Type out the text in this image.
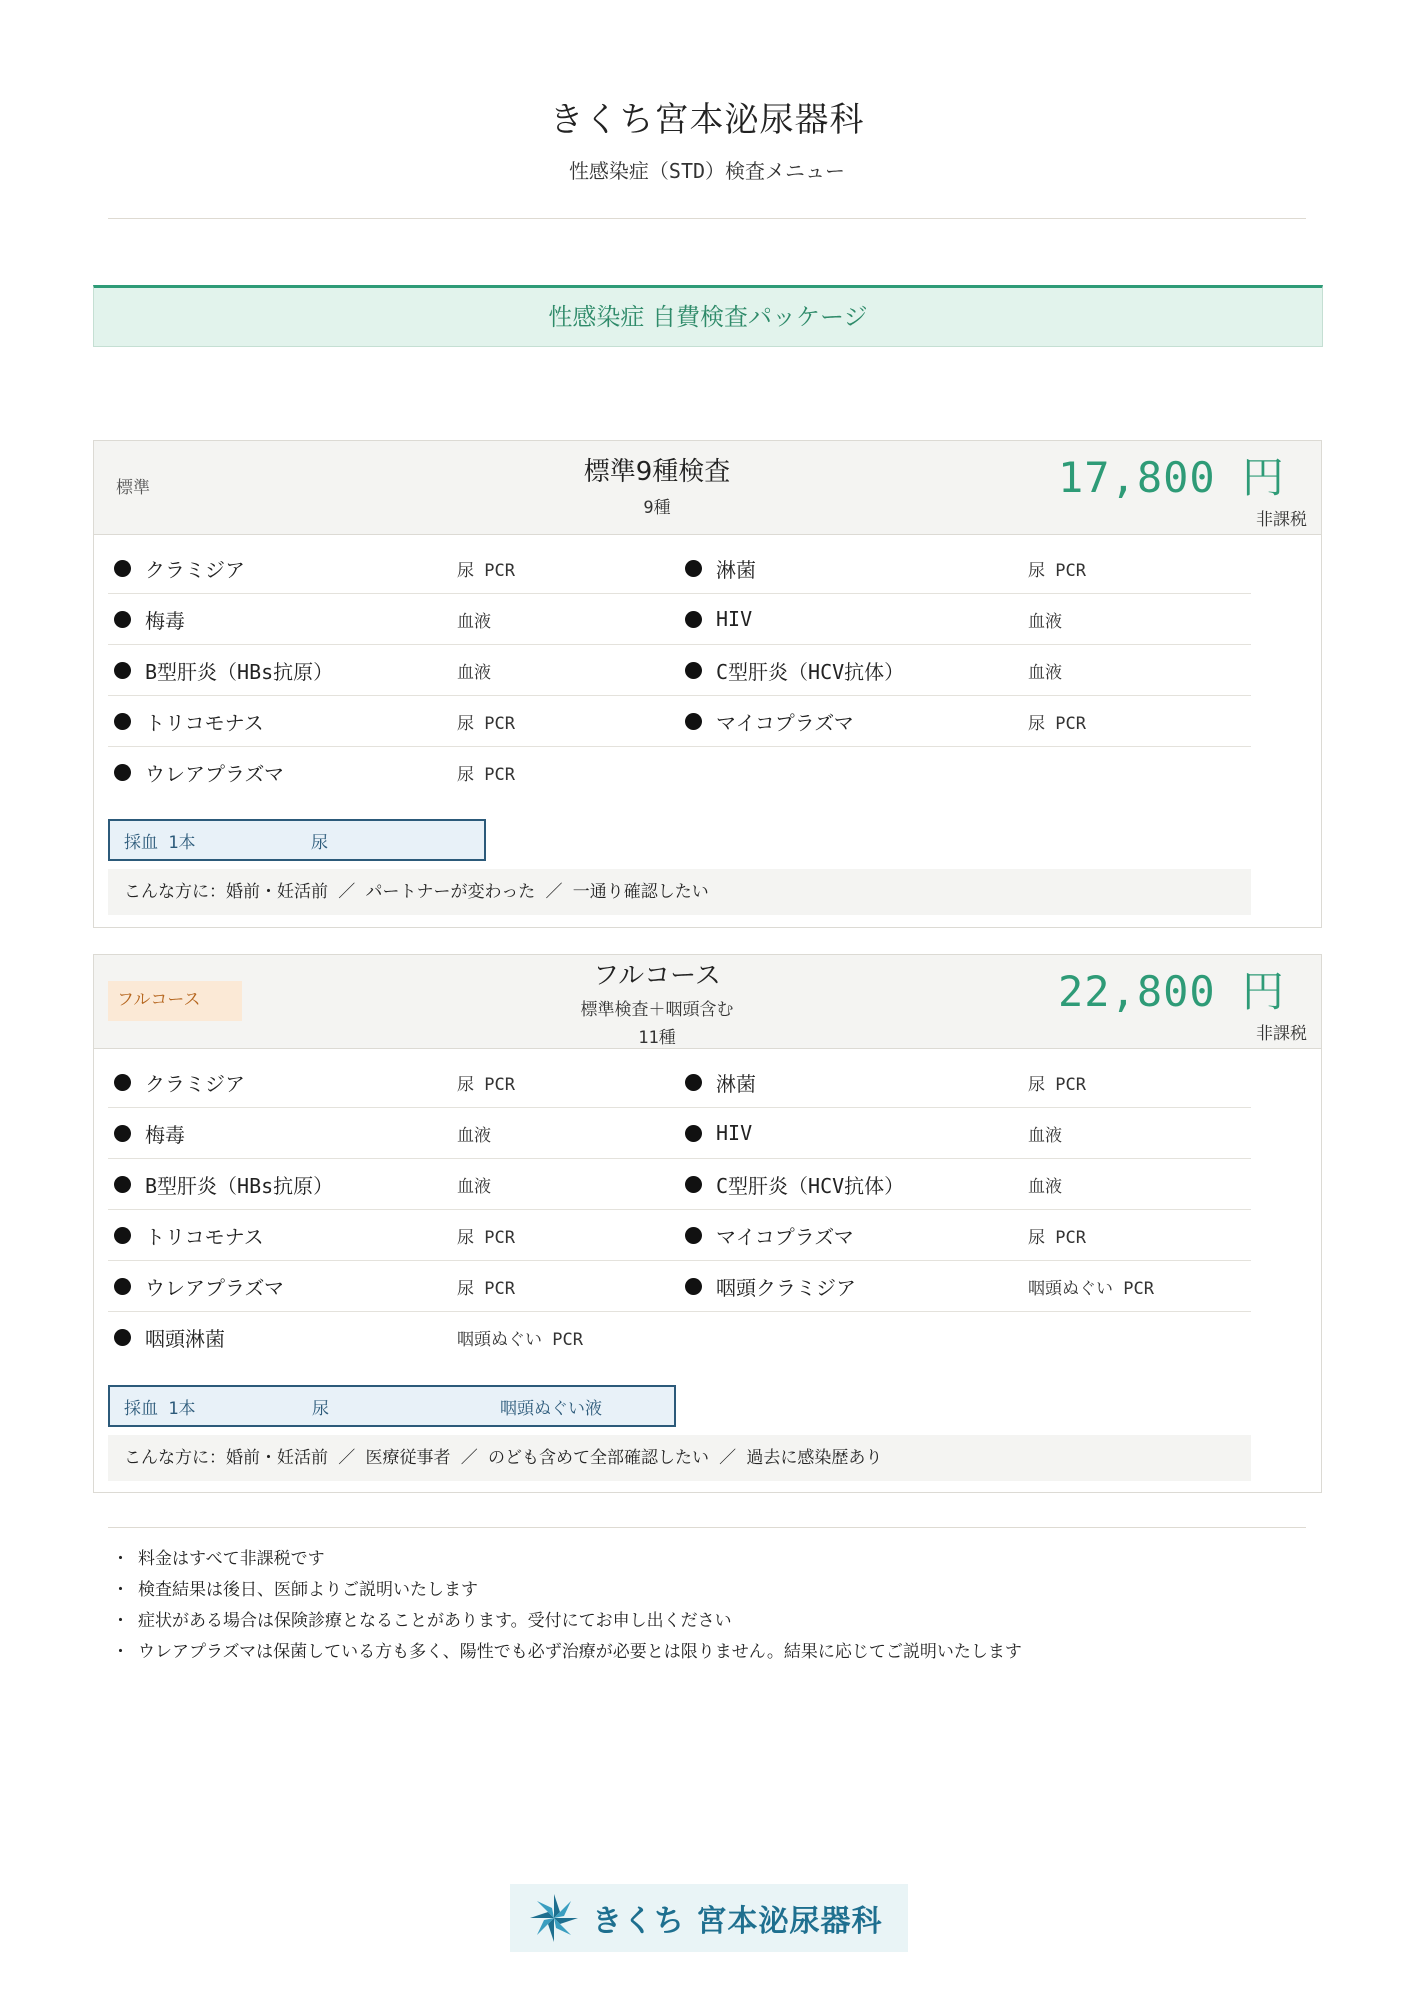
きくち宮本泌尿器科
性感染症（STD）検査メニュー
性感染症 自費検査パッケージ
標準
標準9種検査
9種
17,800 円
非課税
クラミジア	尿 PCR	淋菌	尿 PCR
梅毒	血液	HIV	血液
B型肝炎（HBs抗原）	血液	C型肝炎（HCV抗体）	血液
トリコモナス	尿 PCR	マイコプラズマ	尿 PCR
ウレアプラズマ	尿 PCR
採血 1本	尿
こんな方に：婚前・妊活前 ／ パートナーが変わった ／ 一通り確認したい
フルコース
フルコース
標準検査＋咽頭含む
11種
22,800 円
非課税
クラミジア	尿 PCR	淋菌	尿 PCR
梅毒	血液	HIV	血液
B型肝炎（HBs抗原）	血液	C型肝炎（HCV抗体）	血液
トリコモナス	尿 PCR	マイコプラズマ	尿 PCR
ウレアプラズマ	尿 PCR	咽頭クラミジア	咽頭ぬぐい PCR
咽頭淋菌	咽頭ぬぐい PCR
採血 1本	尿	咽頭ぬぐい液
こんな方に：婚前・妊活前 ／ 医療従事者 ／ のども含めて全部確認したい ／ 過去に感染歴あり
・ 料金はすべて非課税です
・ 検査結果は後日、医師よりご説明いたします
・ 症状がある場合は保険診療となることがあります。受付にてお申し出ください
・ ウレアプラズマは保菌している方も多く、陽性でも必ず治療が必要とは限りません。結果に応じてご説明いたします
きくち 宮本泌尿器科
